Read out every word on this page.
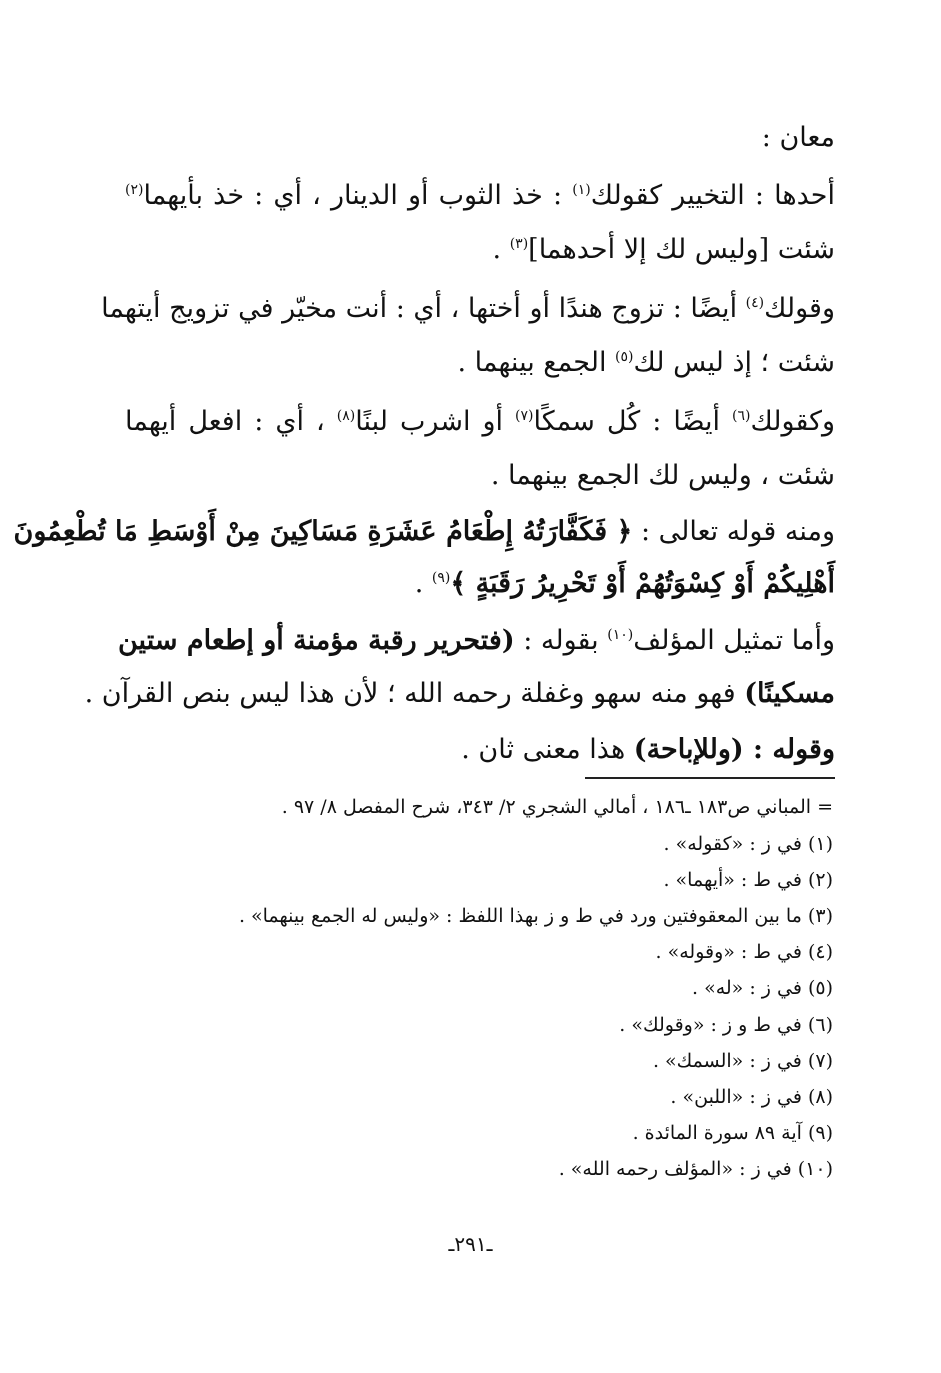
معان :
أحدها : التخيير كقولك$^{(١)}$ : خذ الثوب أو الدينار ، أي : خذ بأيهما$^{(٢)}$
شئت [وليس لك إلا أحدهما]$^{(٣)}$ .
وقولك$^{(٤)}$ أيضًا : تزوج هندًا أو أختها ، أي : أنت مخيّر في تزويج أيتهما
شئت ؛ إذ ليس لك$^{(٥)}$ الجمع بينهما .
وكقولك$^{(٦)}$ أيضًا : كُل سمكًا$^{(٧)}$ أو اشرب لبنًا$^{(٨)}$ ، أي : افعل أيهما
شئت ، وليس لك الجمع بينهما .
ومنه قوله تعالى : ﴿ فَكَفَّارَتُهُ إِطْعَامُ عَشَرَةِ مَسَاكِينَ مِنْ أَوْسَطِ مَا تُطْعِمُونَ
أَهْلِيكُمْ أَوْ كِسْوَتُهُمْ أَوْ تَحْرِيرُ رَقَبَةٍ ﴾$^{(٩)}$ .
وأما تمثيل المؤلف$^{(١٠)}$ بقوله : (فتحرير رقبة مؤمنة أو إطعام ستين
مسكينًا) فهو منه سهو وغفلة رحمه الله ؛ لأن هذا ليس بنص القرآن .
وقوله : (وللإباحة) هذا معنى ثان .
= المباني ص١٨٣ ـ١٨٦ ، أمالي الشجري ٢/ ٣٤٣، شرح المفصل ٨/ ٩٧ .
(١) في ز : «كقوله» .
(٢) في ط : «أيهما» .
(٣) ما بين المعقوفتين ورد في ط و ز بهذا اللفظ : «وليس له الجمع بينهما» .
(٤) في ط : «وقوله» .
(٥) في ز : «له» .
(٦) في ط و ز : «وقولك» .
(٧) في ز : «السمك» .
(٨) في ز : «اللبن» .
(٩) آية ٨٩ سورة المائدة .
(١٠) في ز : «المؤلف رحمه الله» .
ـ٢٩١ـ
